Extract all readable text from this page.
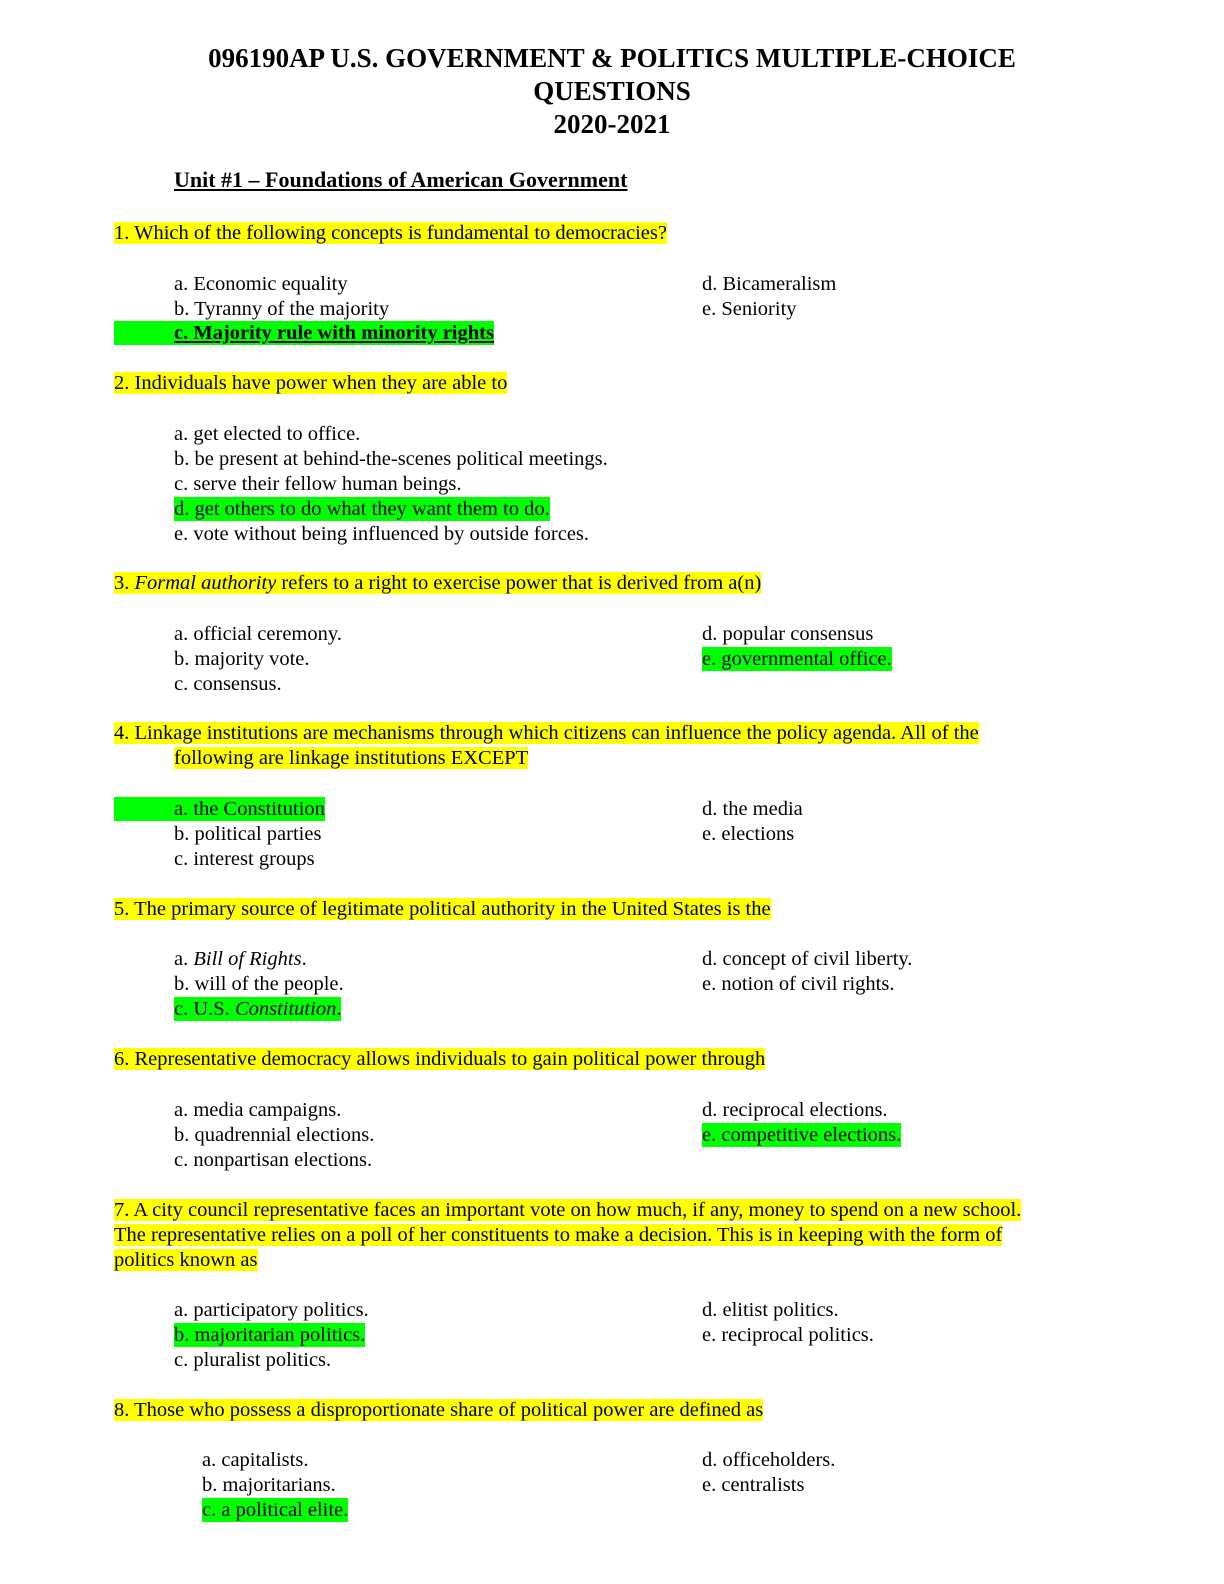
096190AP U.S. GOVERNMENT & POLITICS MULTIPLE-CHOICE
QUESTIONS
2020-2021
Unit #1 – Foundations of American Government
1. Which of the following concepts is fundamental to democracies?
a. Economic equality
b. Tyranny of the majority
c. Majority rule with minority rights
d. Bicameralism
e. Seniority
2. Individuals have power when they are able to
a. get elected to office.
b. be present at behind-the-scenes political meetings.
c. serve their fellow human beings.
d. get others to do what they want them to do.
e. vote without being influenced by outside forces.
3. Formal authority refers to a right to exercise power that is derived from a(n)
a. official ceremony.
b. majority vote.
c. consensus.
d. popular consensus
e. governmental office.
4. Linkage institutions are mechanisms through which citizens can influence the policy agenda. All of the
following are linkage institutions EXCEPT
a. the Constitution
b. political parties
c. interest groups
d. the media
e. elections
5. The primary source of legitimate political authority in the United States is the
a. Bill of Rights.
b. will of the people.
c. U.S. Constitution.
d. concept of civil liberty.
e. notion of civil rights.
6. Representative democracy allows individuals to gain political power through
a. media campaigns.
b. quadrennial elections.
c. nonpartisan elections.
d. reciprocal elections.
e. competitive elections.
7. A city council representative faces an important vote on how much, if any, money to spend on a new school.
The representative relies on a poll of her constituents to make a decision. This is in keeping with the form of
politics known as
a. participatory politics.
b. majoritarian politics.
c. pluralist politics.
d. elitist politics.
e. reciprocal politics.
8. Those who possess a disproportionate share of political power are defined as
a. capitalists.
b. majoritarians.
c. a political elite.
d. officeholders.
e. centralists
